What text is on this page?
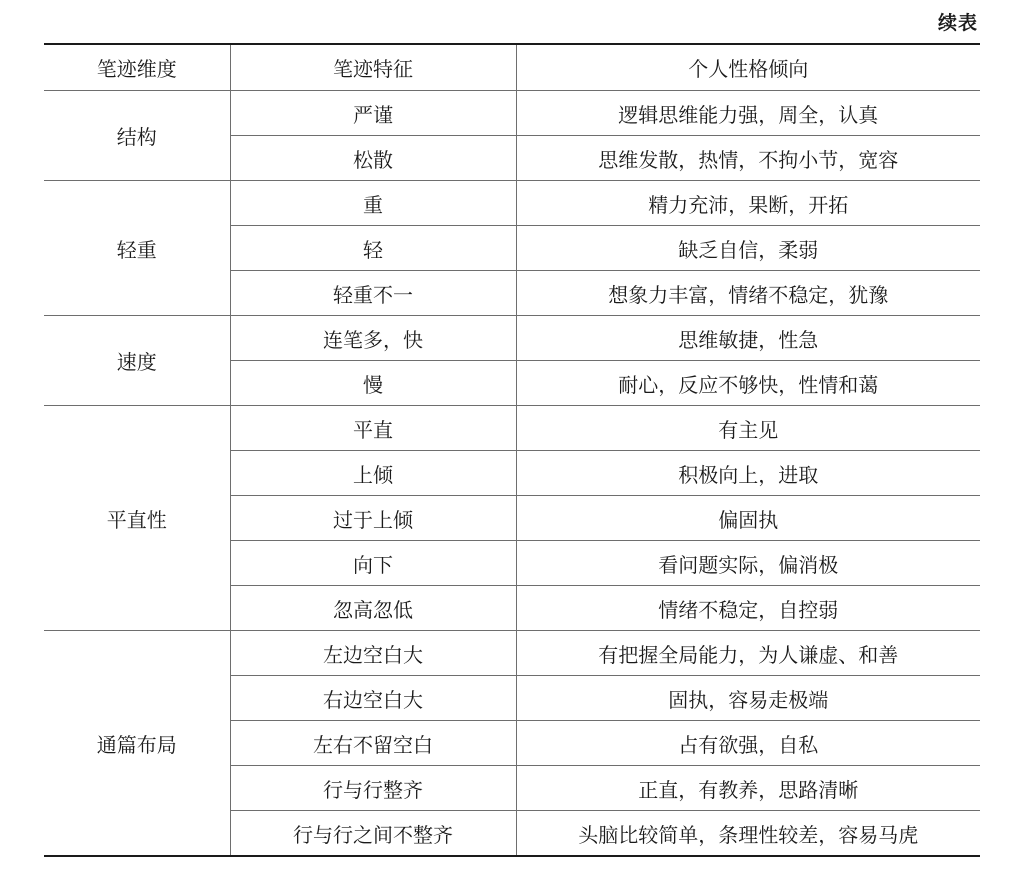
续表
笔迹维度	笔迹特征	个人性格倾向
结构	严谨	逻辑思维能力强，周全，认真
	松散	思维发散，热情，不拘小节，宽容
轻重	重	精力充沛，果断，开拓
	轻	缺乏自信，柔弱
	轻重不一	想象力丰富，情绪不稳定，犹豫
速度	连笔多，快	思维敏捷，性急
	慢	耐心，反应不够快，性情和蔼
平直性	平直	有主见
	上倾	积极向上，进取
	过于上倾	偏固执
	向下	看问题实际，偏消极
	忽高忽低	情绪不稳定，自控弱
通篇布局	左边空白大	有把握全局能力，为人谦虚、和善
	右边空白大	固执，容易走极端
	左右不留空白	占有欲强，自私
	行与行整齐	正直，有教养，思路清晰
	行与行之间不整齐	头脑比较简单，条理性较差，容易马虎
